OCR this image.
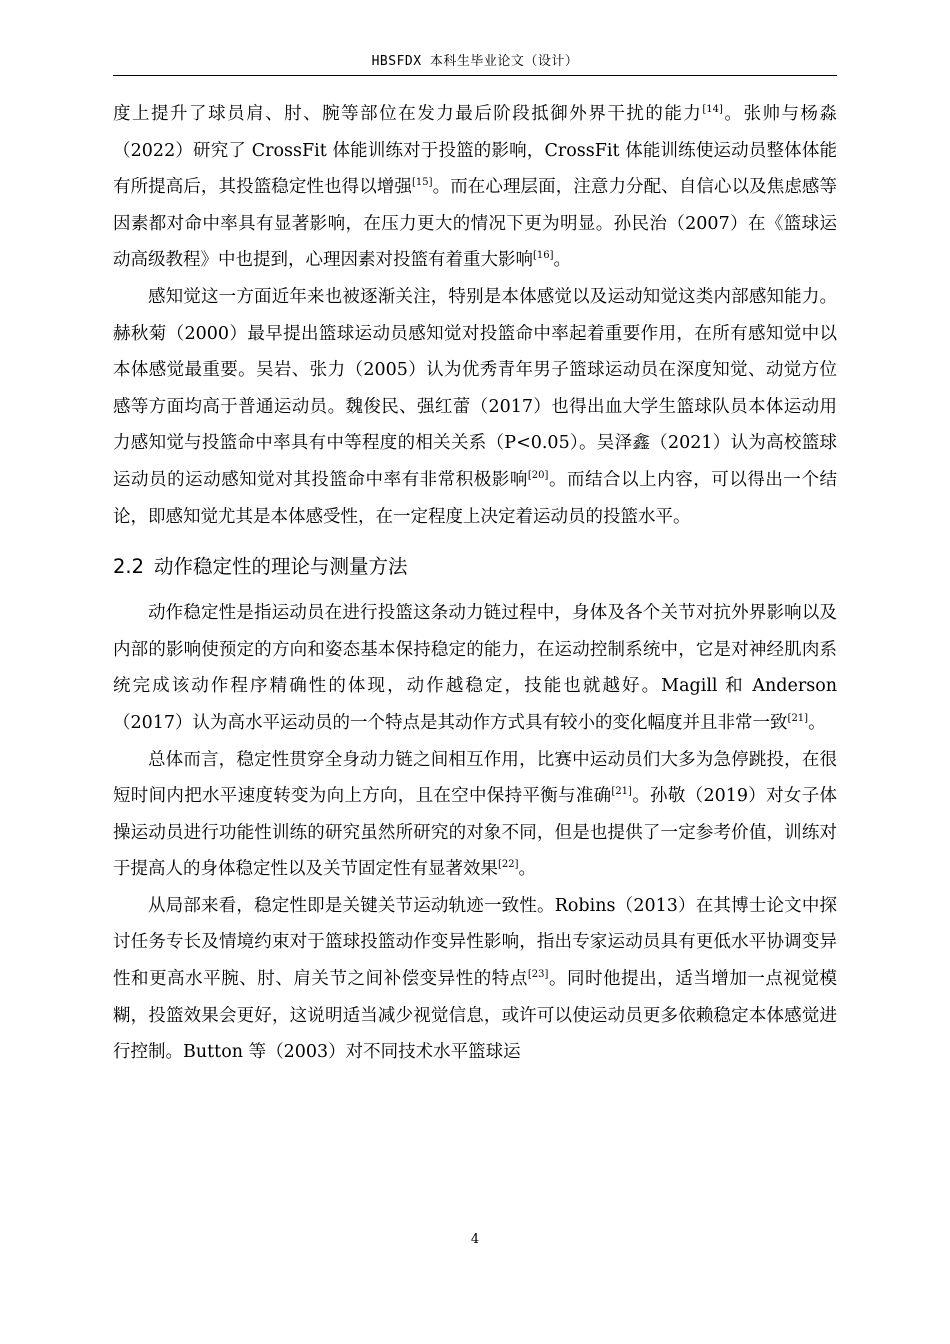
HBSFDX 本科生毕业论文（设计）

度上提升了球员肩、肘、腕等部位在发力最后阶段抵御外界干扰的能力[14]。张帅与杨淼（2022）研究了 CrossFit 体能训练对于投篮的影响，CrossFit 体能训练使运动员整体体能有所提高后，其投篮稳定性也得以增强[15]。而在心理层面，注意力分配、自信心以及焦虑感等因素都对命中率具有显著影响，在压力更大的情况下更为明显。孙民治（2007）在《篮球运动高级教程》中也提到，心理因素对投篮有着重大影响[16]。

感知觉这一方面近年来也被逐渐关注，特别是本体感觉以及运动知觉这类内部感知能力。赫秋菊（2000）最早提出篮球运动员感知觉对投篮命中率起着重要作用，在所有感知觉中以本体感觉最重要。吴岩、张力（2005）认为优秀青年男子篮球运动员在深度知觉、动觉方位感等方面均高于普通运动员。魏俊民、强红蕾（2017）也得出血大学生篮球队员本体运动用力感知觉与投篮命中率具有中等程度的相关关系（P<0.05）。吴泽鑫（2021）认为高校篮球运动员的运动感知觉对其投篮命中率有非常积极影响[20]。而结合以上内容，可以得出一个结论，即感知觉尤其是本体感受性，在一定程度上决定着运动员的投篮水平。

2.2 动作稳定性的理论与测量方法

动作稳定性是指运动员在进行投篮这条动力链过程中，身体及各个关节对抗外界影响以及内部的影响使预定的方向和姿态基本保持稳定的能力，在运动控制系统中，它是对神经肌肉系统完成该动作程序精确性的体现，动作越稳定，技能也就越好。Magill 和 Anderson（2017）认为高水平运动员的一个特点是其动作方式具有较小的变化幅度并且非常一致[21]。

总体而言，稳定性贯穿全身动力链之间相互作用，比赛中运动员们大多为急停跳投，在很短时间内把水平速度转变为向上方向，且在空中保持平衡与准确[21]。孙敬（2019）对女子体操运动员进行功能性训练的研究虽然所研究的对象不同，但是也提供了一定参考价值，训练对于提高人的身体稳定性以及关节固定性有显著效果[22]。

从局部来看，稳定性即是关键关节运动轨迹一致性。Robins（2013）在其博士论文中探讨任务专长及情境约束对于篮球投篮动作变异性影响，指出专家运动员具有更低水平协调变异性和更高水平腕、肘、肩关节之间补偿变异性的特点[23]。同时他提出，适当增加一点视觉模糊，投篮效果会更好，这说明适当减少视觉信息，或许可以使运动员更多依赖稳定本体感觉进行控制。Button 等（2003）对不同技术水平篮球运

4
